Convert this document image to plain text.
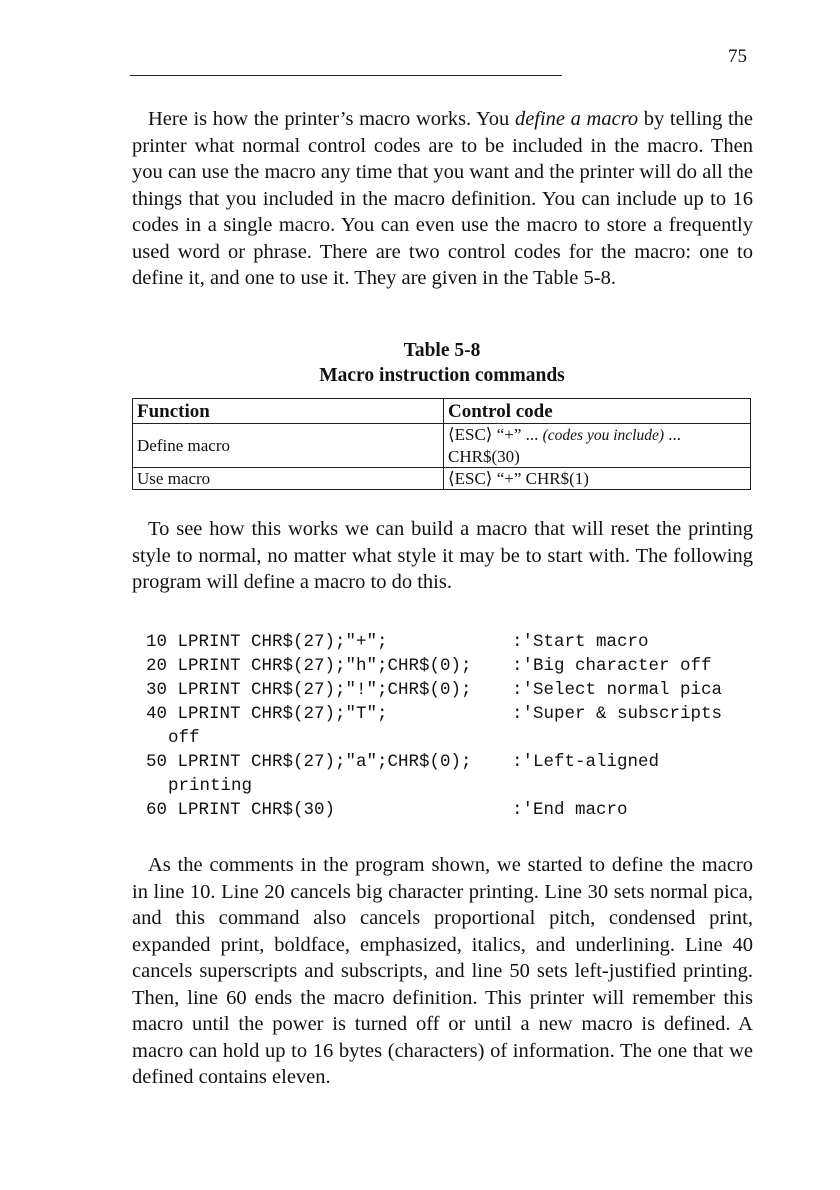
75

Here is how the printer’s macro works. You define a macro by telling the printer what normal control codes are to be included in the macro. Then you can use the macro any time that you want and the printer will do all the things that you included in the macro definition. You can include up to 16 codes in a single macro. You can even use the macro to store a frequently used word or phrase. There are two control codes for the macro: one to define it, and one to use it. They are given in the Table 5-8.

Table 5-8
Macro instruction commands
Function	Control code
Define macro	⟨ESC⟩ “+” ... (codes you include) ...
CHR$(30)
Use macro	⟨ESC⟩ “+” CHR$(1)

To see how this works we can build a macro that will reset the printing style to normal, no matter what style it may be to start with. The following program will define a macro to do this.

10 LPRINT CHR$(27);"+";	:'Start macro
20 LPRINT CHR$(27);"h";CHR$(0); :'Big character off
30 LPRINT CHR$(27);"!";CHR$(0); :'Select normal pica
40 LPRINT CHR$(27);"T";	:'Super & subscripts
off
50 LPRINT CHR$(27);"a";CHR$(0); :'Left-aligned
printing
60 LPRINT CHR$(30)	:'End macro

As the comments in the program shown, we started to define the macro in line 10. Line 20 cancels big character printing. Line 30 sets normal pica, and this command also cancels proportional pitch, condensed print, expanded print, boldface, emphasized, italics, and underlining. Line 40 cancels superscripts and subscripts, and line 50 sets left-justified printing. Then, line 60 ends the macro definition. This printer will remember this macro until the power is turned off or until a new macro is defined. A macro can hold up to 16 bytes (characters) of information. The one that we defined contains eleven.
